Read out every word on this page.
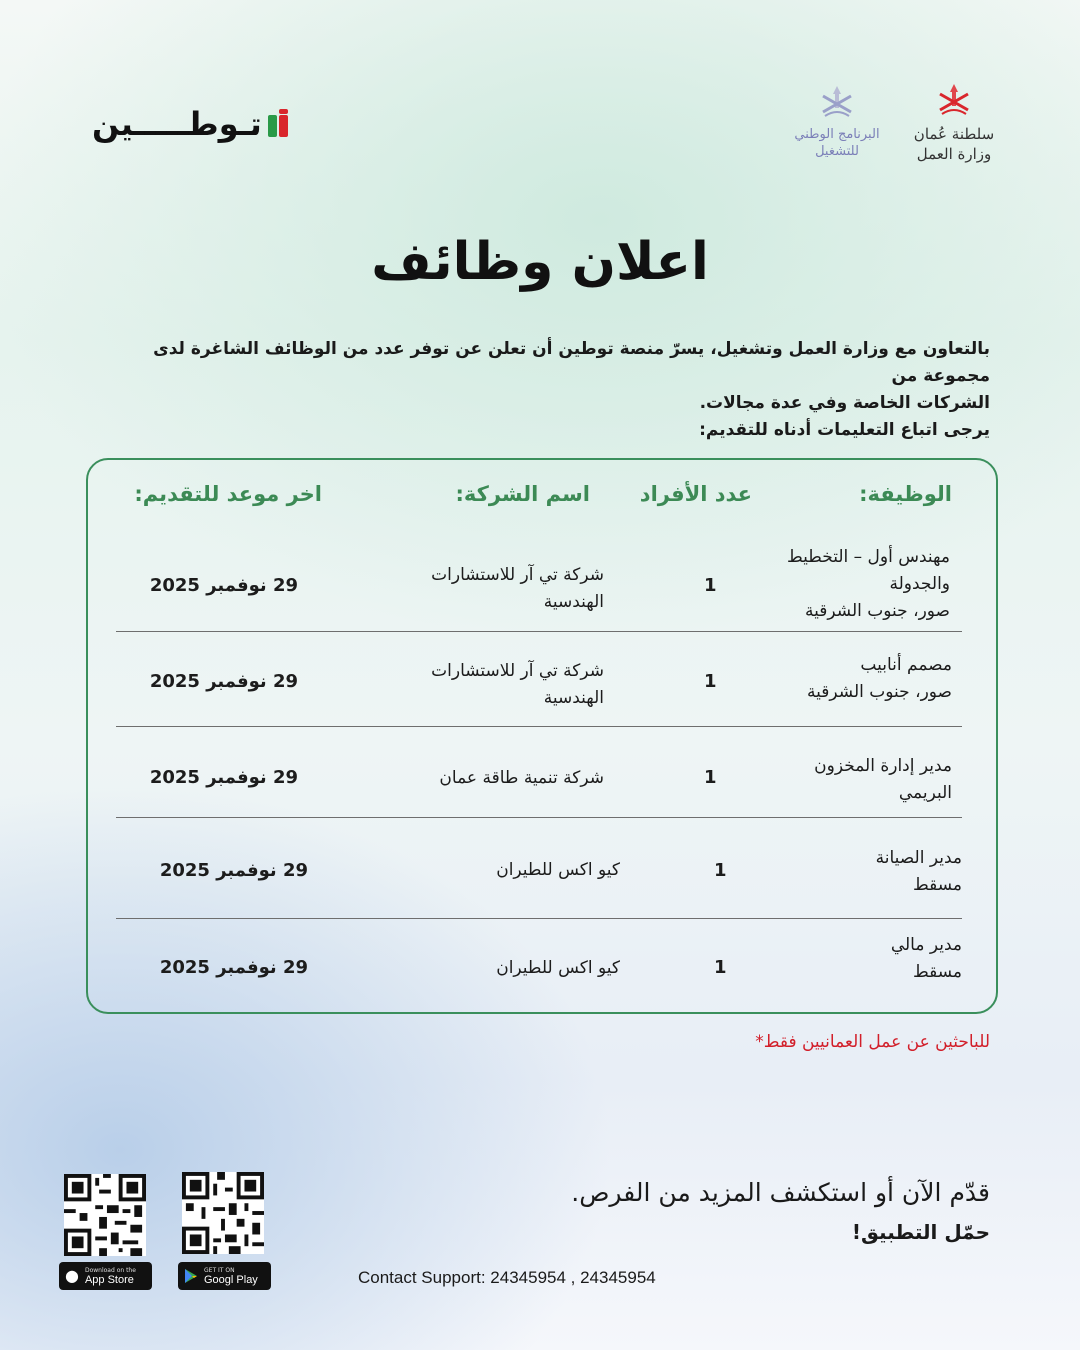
تـوطـــــين	البرنامج الوطني
للتشغيل
سلطنة عُمان
وزارة العمل
اعلان وظائف
بالتعاون مع وزارة العمل وتشغيل، يسرّ منصة توطين أن تعلن عن توفر عدد من الوظائف الشاغرة لدى مجموعة من
الشركات الخاصة وفي عدة مجالات.
يرجى اتباع التعليمات أدناه للتقديم:
الوظيفة:
عدد الأفراد
اسم الشركة:
اخر موعد للتقديم:
مهندس أول – التخطيط
والجدولة
صور، جنوب الشرقية
1
شركة تي آر للاستشارات
الهندسية
29 نوفمبر 2025
مصمم أنابيب
صور، جنوب الشرقية
1
شركة تي آر للاستشارات
الهندسية
29 نوفمبر 2025
مدير إدارة المخزون
البريمي
1
شركة تنمية طاقة عمان
29 نوفمبر 2025
مدير الصيانة
مسقط
1
كيو اكس للطيران
29 نوفمبر 2025
مدير مالي
مسقط
1
كيو اكس للطيران
29 نوفمبر 2025
للباحثين عن عمل العمانيين فقط*
قدّم الآن أو استكشف المزيد من الفرص.
حمّل التطبيق!
Contact Support: 24345954 , 24345954
● Download on the
App Store
GET IT ON
Googl Play
